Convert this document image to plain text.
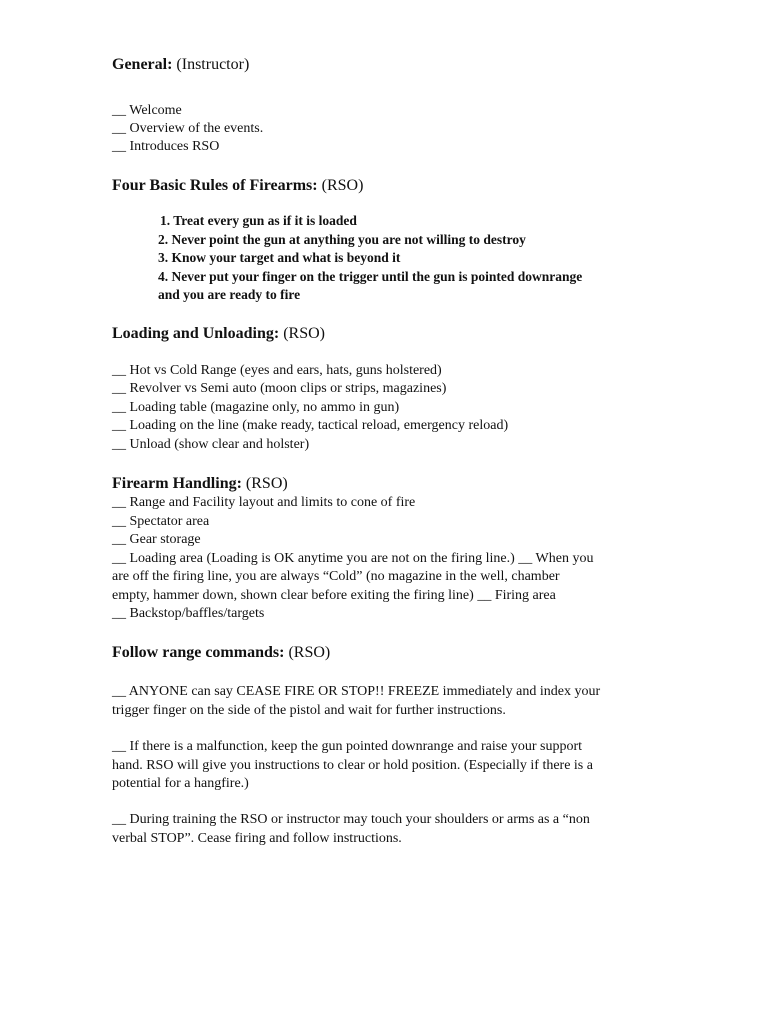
General: (Instructor)
__ Welcome
__ Overview of the events.
__ Introduces RSO
Four Basic Rules of Firearms: (RSO)
1. Treat every gun as if it is loaded
2. Never point the gun at anything you are not willing to destroy
3. Know your target and what is beyond it
4. Never put your finger on the trigger until the gun is pointed downrange
and you are ready to fire
Loading and Unloading: (RSO)
__ Hot vs Cold Range (eyes and ears, hats, guns holstered)
__ Revolver vs Semi auto (moon clips or strips, magazines)
__ Loading table (magazine only, no ammo in gun)
__ Loading on the line (make ready, tactical reload, emergency reload)
__ Unload (show clear and holster)
Firearm Handling: (RSO)
__ Range and Facility layout and limits to cone of fire
__ Spectator area
__ Gear storage
__ Loading area (Loading is OK anytime you are not on the firing line.) __ When you
are off the firing line, you are always “Cold” (no magazine in the well, chamber
empty, hammer down, shown clear before exiting the firing line) __ Firing area
__ Backstop/baffles/targets
Follow range commands: (RSO)
__ ANYONE can say CEASE FIRE OR STOP!! FREEZE immediately and index your
trigger finger on the side of the pistol and wait for further instructions.
__ If there is a malfunction, keep the gun pointed downrange and raise your support
hand. RSO will give you instructions to clear or hold position. (Especially if there is a
potential for a hangfire.)
__ During training the RSO or instructor may touch your shoulders or arms as a “non
verbal STOP”. Cease firing and follow instructions.
